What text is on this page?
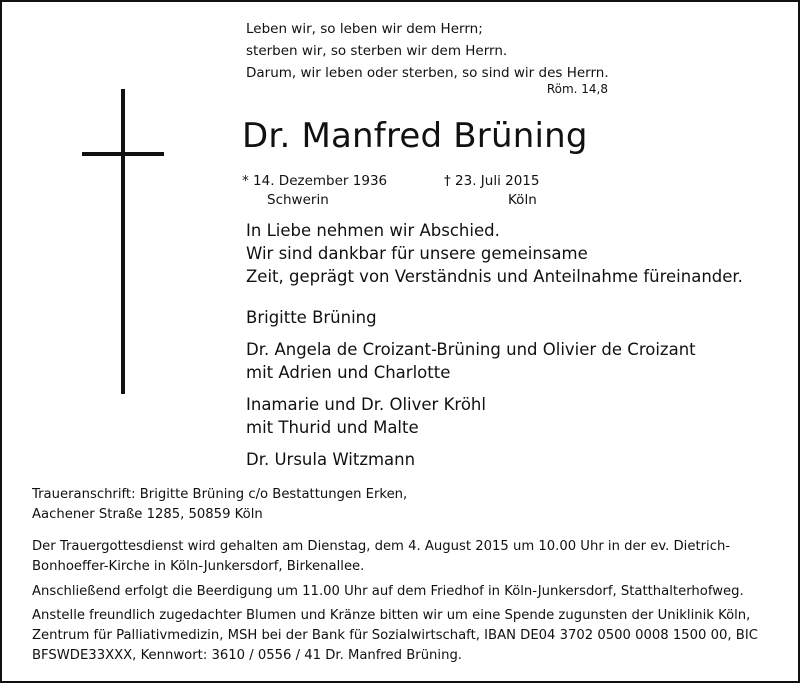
Leben wir, so leben wir dem Herrn;
sterben wir, so sterben wir dem Herrn.
Darum, wir leben oder sterben, so sind wir des Herrn.
Röm. 14,8
Dr. Manfred Brüning
* 14. Dezember 1936
Schwerin
† 23. Juli 2015
Köln
In Liebe nehmen wir Abschied.
Wir sind dankbar für unsere gemeinsame
Zeit, geprägt von Verständnis und Anteilnahme füreinander.
Brigitte Brüning
Dr. Angela de Croizant-Brüning und Olivier de Croizant
mit Adrien und Charlotte
Inamarie und Dr. Oliver Kröhl
mit Thurid und Malte
Dr. Ursula Witzmann
Traueranschrift: Brigitte Brüning c/o Bestattungen Erken,
Aachener Straße 1285, 50859 Köln
Der Trauergottesdienst wird gehalten am Dienstag, dem 4. August 2015 um 10.00 Uhr in der ev. Dietrich-
Bonhoeffer-Kirche in Köln-Junkersdorf, Birkenallee.
Anschließend erfolgt die Beerdigung um 11.00 Uhr auf dem Friedhof in Köln-Junkersdorf, Statthalterhofweg.
Anstelle freundlich zugedachter Blumen und Kränze bitten wir um eine Spende zugunsten der Uniklinik Köln,
Zentrum für Palliativmedizin, MSH bei der Bank für Sozialwirtschaft, IBAN DE04 3702 0500 0008 1500 00, BIC
BFSWDE33XXX, Kennwort: 3610 / 0556 / 41 Dr. Manfred Brüning.
